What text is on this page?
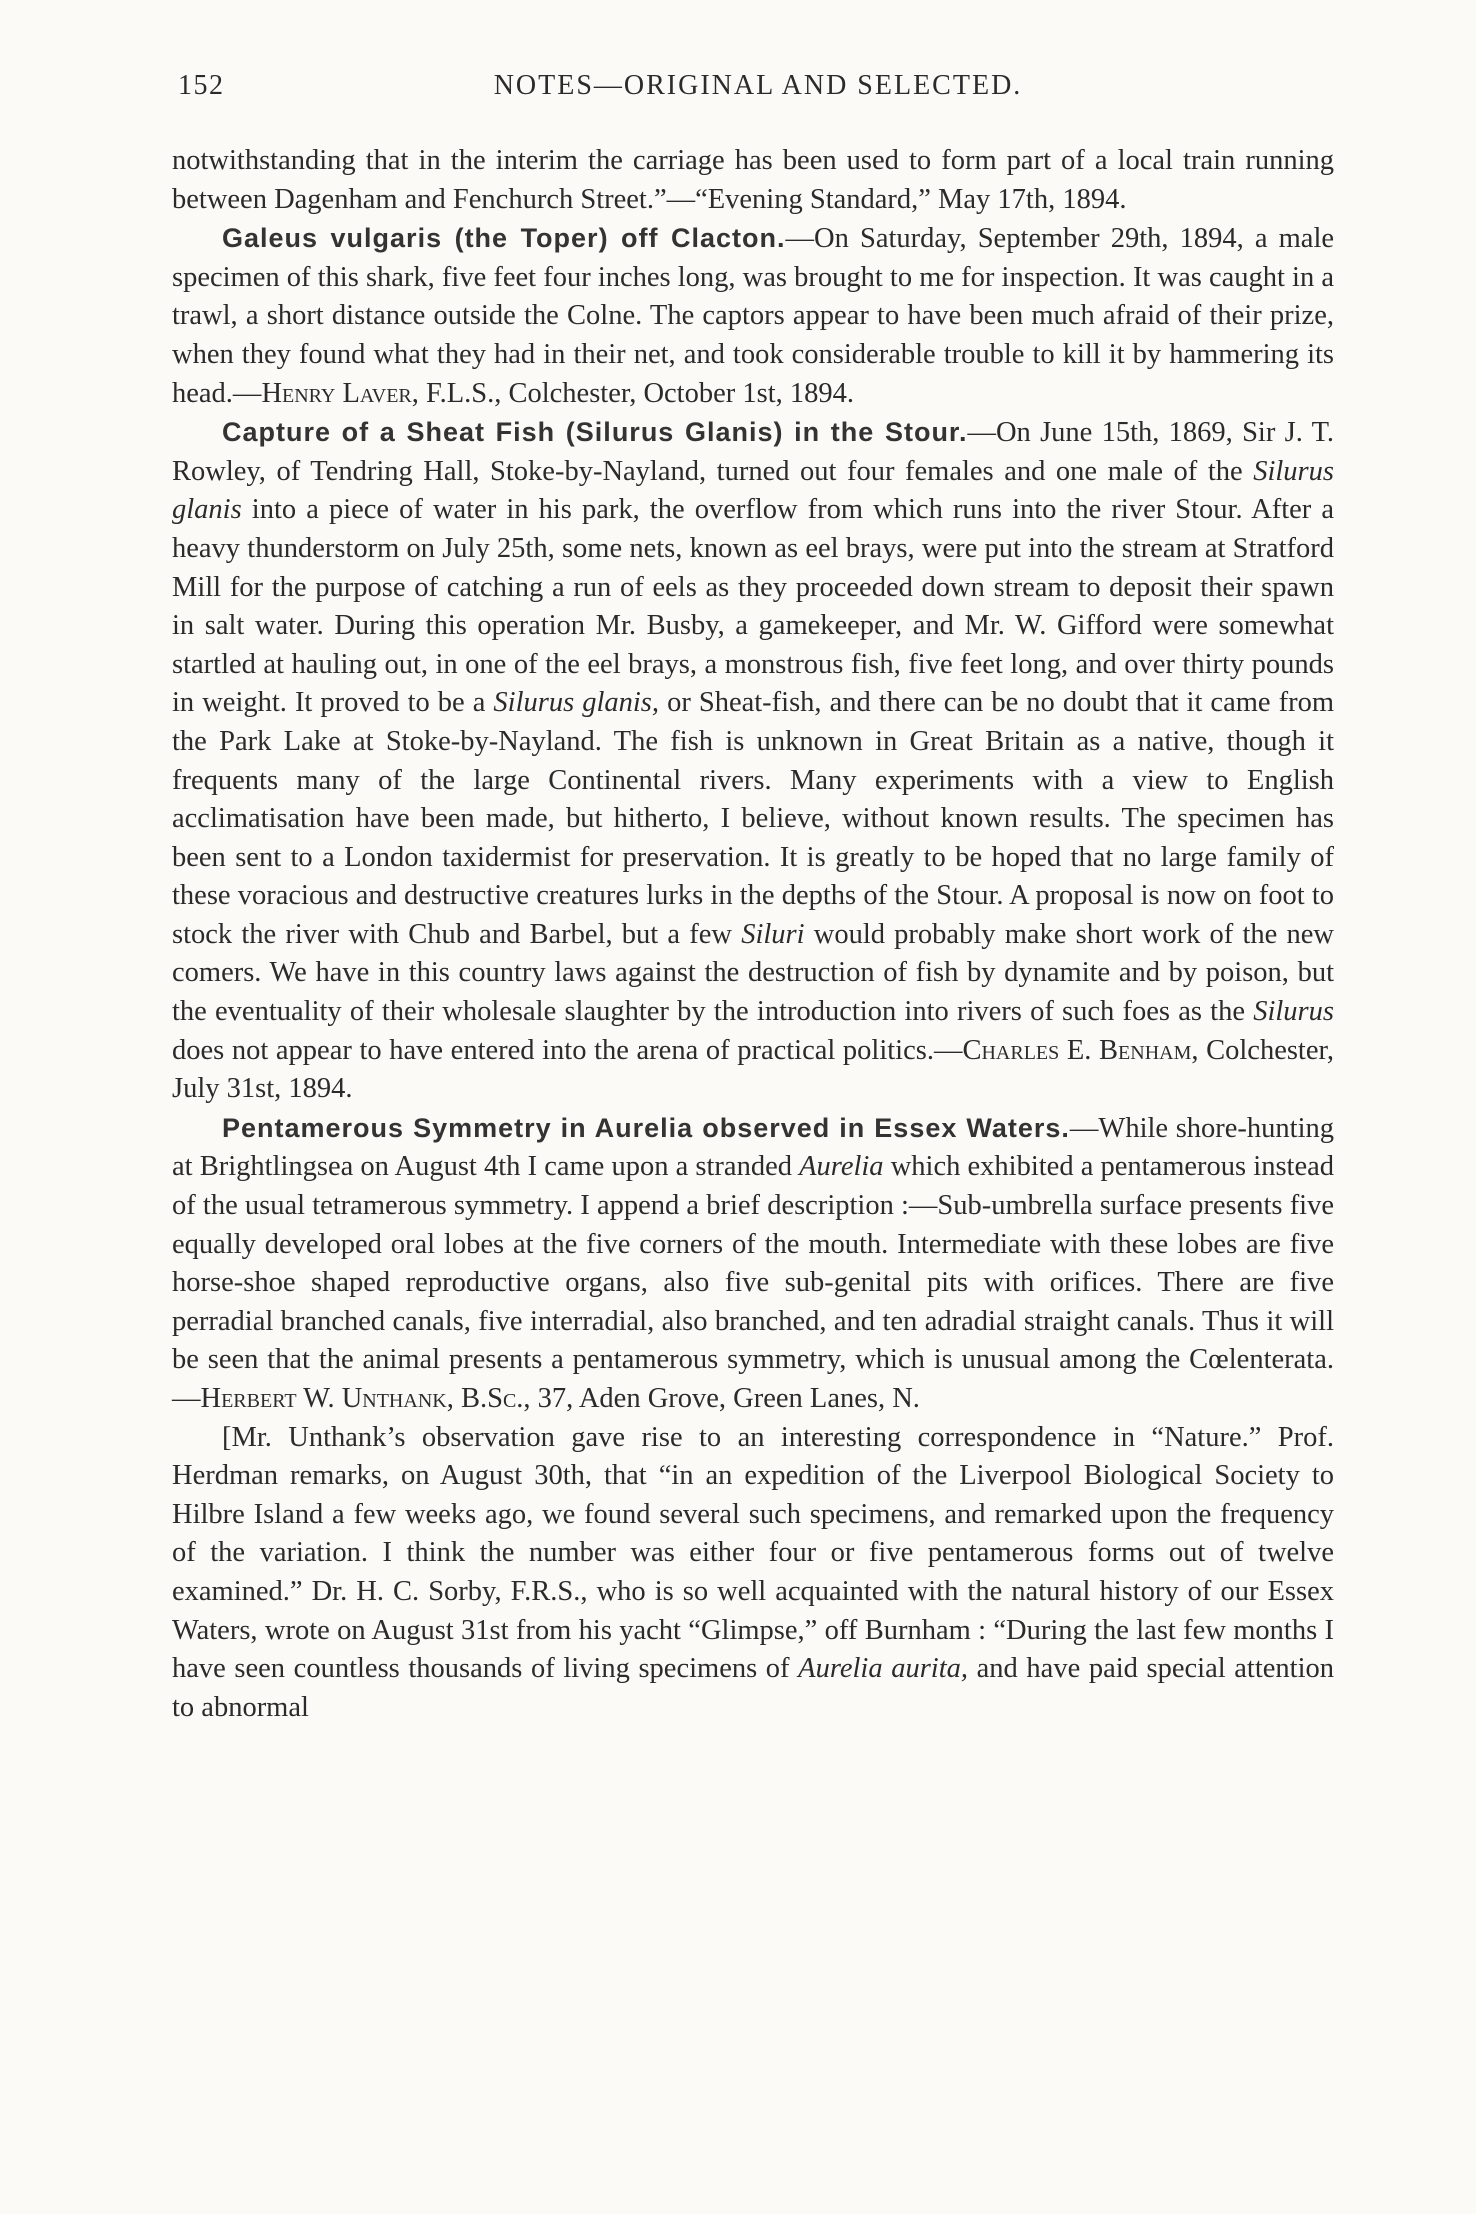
152	NOTES—ORIGINAL AND SELECTED.

notwithstanding that in the interim the carriage has been used to form part of a local train running between Dagenham and Fenchurch Street.”—“Evening Standard,” May 17th, 1894.

Galeus vulgaris (the Toper) off Clacton.—On Saturday, September 29th, 1894, a male specimen of this shark, five feet four inches long, was brought to me for inspection. It was caught in a trawl, a short distance outside the Colne. The captors appear to have been much afraid of their prize, when they found what they had in their net, and took considerable trouble to kill it by hammering its head.—Henry Laver, F.L.S., Colchester, October 1st, 1894.

Capture of a Sheat Fish (Silurus Glanis) in the Stour.—On June 15th, 1869, Sir J. T. Rowley, of Tendring Hall, Stoke-by-Nayland, turned out four females and one male of the Silurus glanis into a piece of water in his park, the overflow from which runs into the river Stour. After a heavy thunderstorm on July 25th, some nets, known as eel brays, were put into the stream at Stratford Mill for the purpose of catching a run of eels as they proceeded down stream to deposit their spawn in salt water. During this operation Mr. Busby, a gamekeeper, and Mr. W. Gifford were somewhat startled at hauling out, in one of the eel brays, a monstrous fish, five feet long, and over thirty pounds in weight. It proved to be a Silurus glanis, or Sheat-fish, and there can be no doubt that it came from the Park Lake at Stoke-by-Nayland. The fish is unknown in Great Britain as a native, though it frequents many of the large Continental rivers. Many experiments with a view to English acclimatisation have been made, but hitherto, I believe, without known results. The specimen has been sent to a London taxidermist for preservation. It is greatly to be hoped that no large family of these voracious and destructive creatures lurks in the depths of the Stour. A proposal is now on foot to stock the river with Chub and Barbel, but a few Siluri would probably make short work of the new comers. We have in this country laws against the destruction of fish by dynamite and by poison, but the eventuality of their wholesale slaughter by the introduction into rivers of such foes as the Silurus does not appear to have entered into the arena of practical politics.—Charles E. Benham, Colchester, July 31st, 1894.

Pentamerous Symmetry in Aurelia observed in Essex Waters.—While shore-hunting at Brightlingsea on August 4th I came upon a stranded Aurelia which exhibited a pentamerous instead of the usual tetramerous symmetry. I append a brief description :—Sub-umbrella surface presents five equally developed oral lobes at the five corners of the mouth. Intermediate with these lobes are five horse-shoe shaped reproductive organs, also five sub-genital pits with orifices. There are five perradial branched canals, five interradial, also branched, and ten adradial straight canals. Thus it will be seen that the animal presents a pentamerous symmetry, which is unusual among the Cœlenterata.—Herbert W. Unthank, B.Sc., 37, Aden Grove, Green Lanes, N.

[Mr. Unthank’s observation gave rise to an interesting correspondence in “Nature.” Prof. Herdman remarks, on August 30th, that “in an expedition of the Liverpool Biological Society to Hilbre Island a few weeks ago, we found several such specimens, and remarked upon the frequency of the variation. I think the number was either four or five pentamerous forms out of twelve examined.” Dr. H. C. Sorby, F.R.S., who is so well acquainted with the natural history of our Essex Waters, wrote on August 31st from his yacht “Glimpse,” off Burnham : “During the last few months I have seen countless thousands of living specimens of Aurelia aurita, and have paid special attention to abnormal
